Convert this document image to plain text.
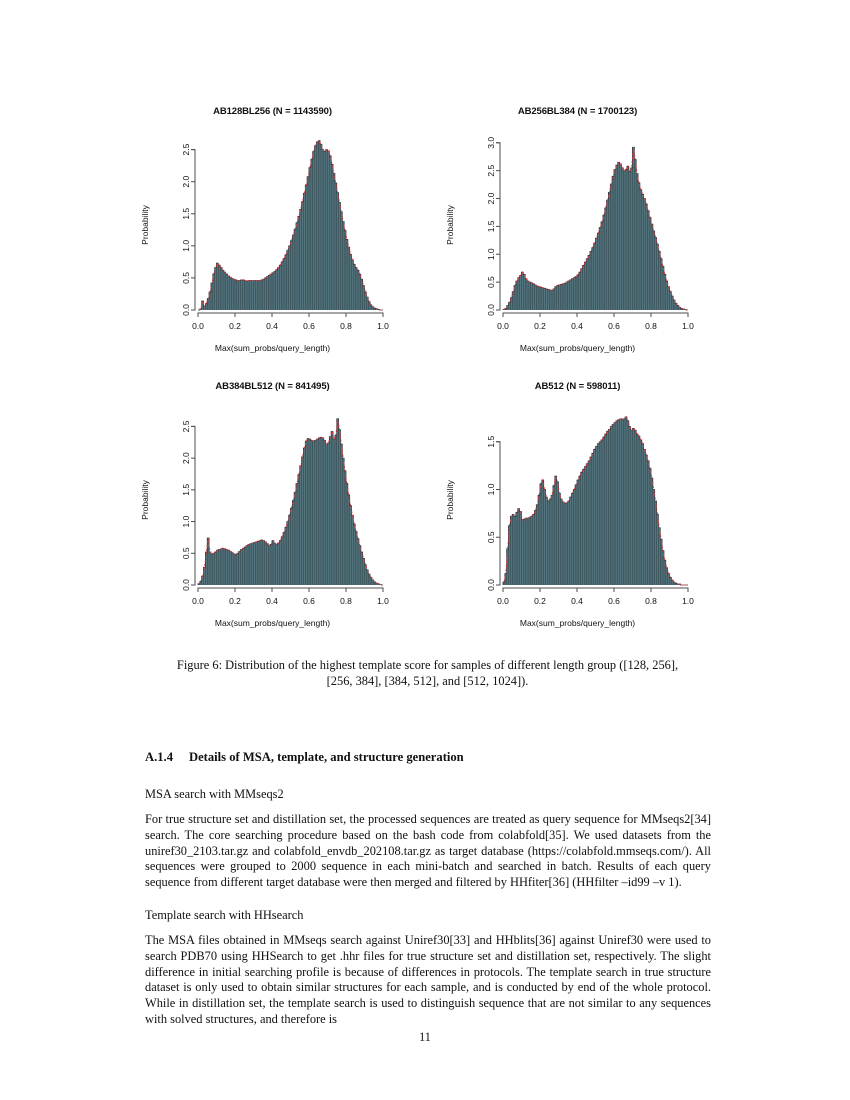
AB128BL256 (N = 1143590)
Probability
0.0	0.2	0.4	0.6	0.8	1.0
0.0
0.5
1.0
1.5
2.0
2.5
Max(sum_probs/query_length)
AB256BL384 (N = 1700123)
Probability
0.0	0.2	0.4	0.6	0.8	1.0
0.0
0.5
1.0
1.5
2.0
2.5
3.0
Max(sum_probs/query_length)
AB384BL512 (N = 841495)
Probability
0.0	0.2	0.4	0.6	0.8	1.0
0.0
0.5
1.0
1.5
2.0
2.5
Max(sum_probs/query_length)
AB512 (N = 598011)
Probability
0.0	0.2	0.4	0.6	0.8	1.0
0.0
0.5
1.0
1.5
Max(sum_probs/query_length)
Figure 6: Distribution of the highest template score for samples of different length group ([128, 256],
[256, 384], [384, 512], and [512, 1024]).
A.1.4 Details of MSA, template, and structure generation
MSA search with MMseqs2
For true structure set and distillation set, the processed sequences are treated as query sequence for MMseqs2[34] search. The core searching procedure based on the bash code from colabfold[35]. We used datasets from the uniref30_2103.tar.gz and colabfold_envdb_202108.tar.gz as target database (https://colabfold.mmseqs.com/). All sequences were grouped to 2000 sequence in each mini-batch and searched in batch. Results of each query sequence from different target database were then merged and filtered by HHfiter[36] (HHfilter –id99 –v 1).
Template search with HHsearch
The MSA files obtained in MMseqs search against Uniref30[33] and HHblits[36] against Uniref30 were used to search PDB70 using HHSearch to get .hhr files for true structure set and distillation set, respectively. The slight difference in initial searching profile is because of differences in protocols. The template search in true structure dataset is only used to obtain similar structures for each sample, and is conducted by end of the whole protocol. While in distillation set, the template search is used to distinguish sequence that are not similar to any sequences with solved structures, and therefore is
11
